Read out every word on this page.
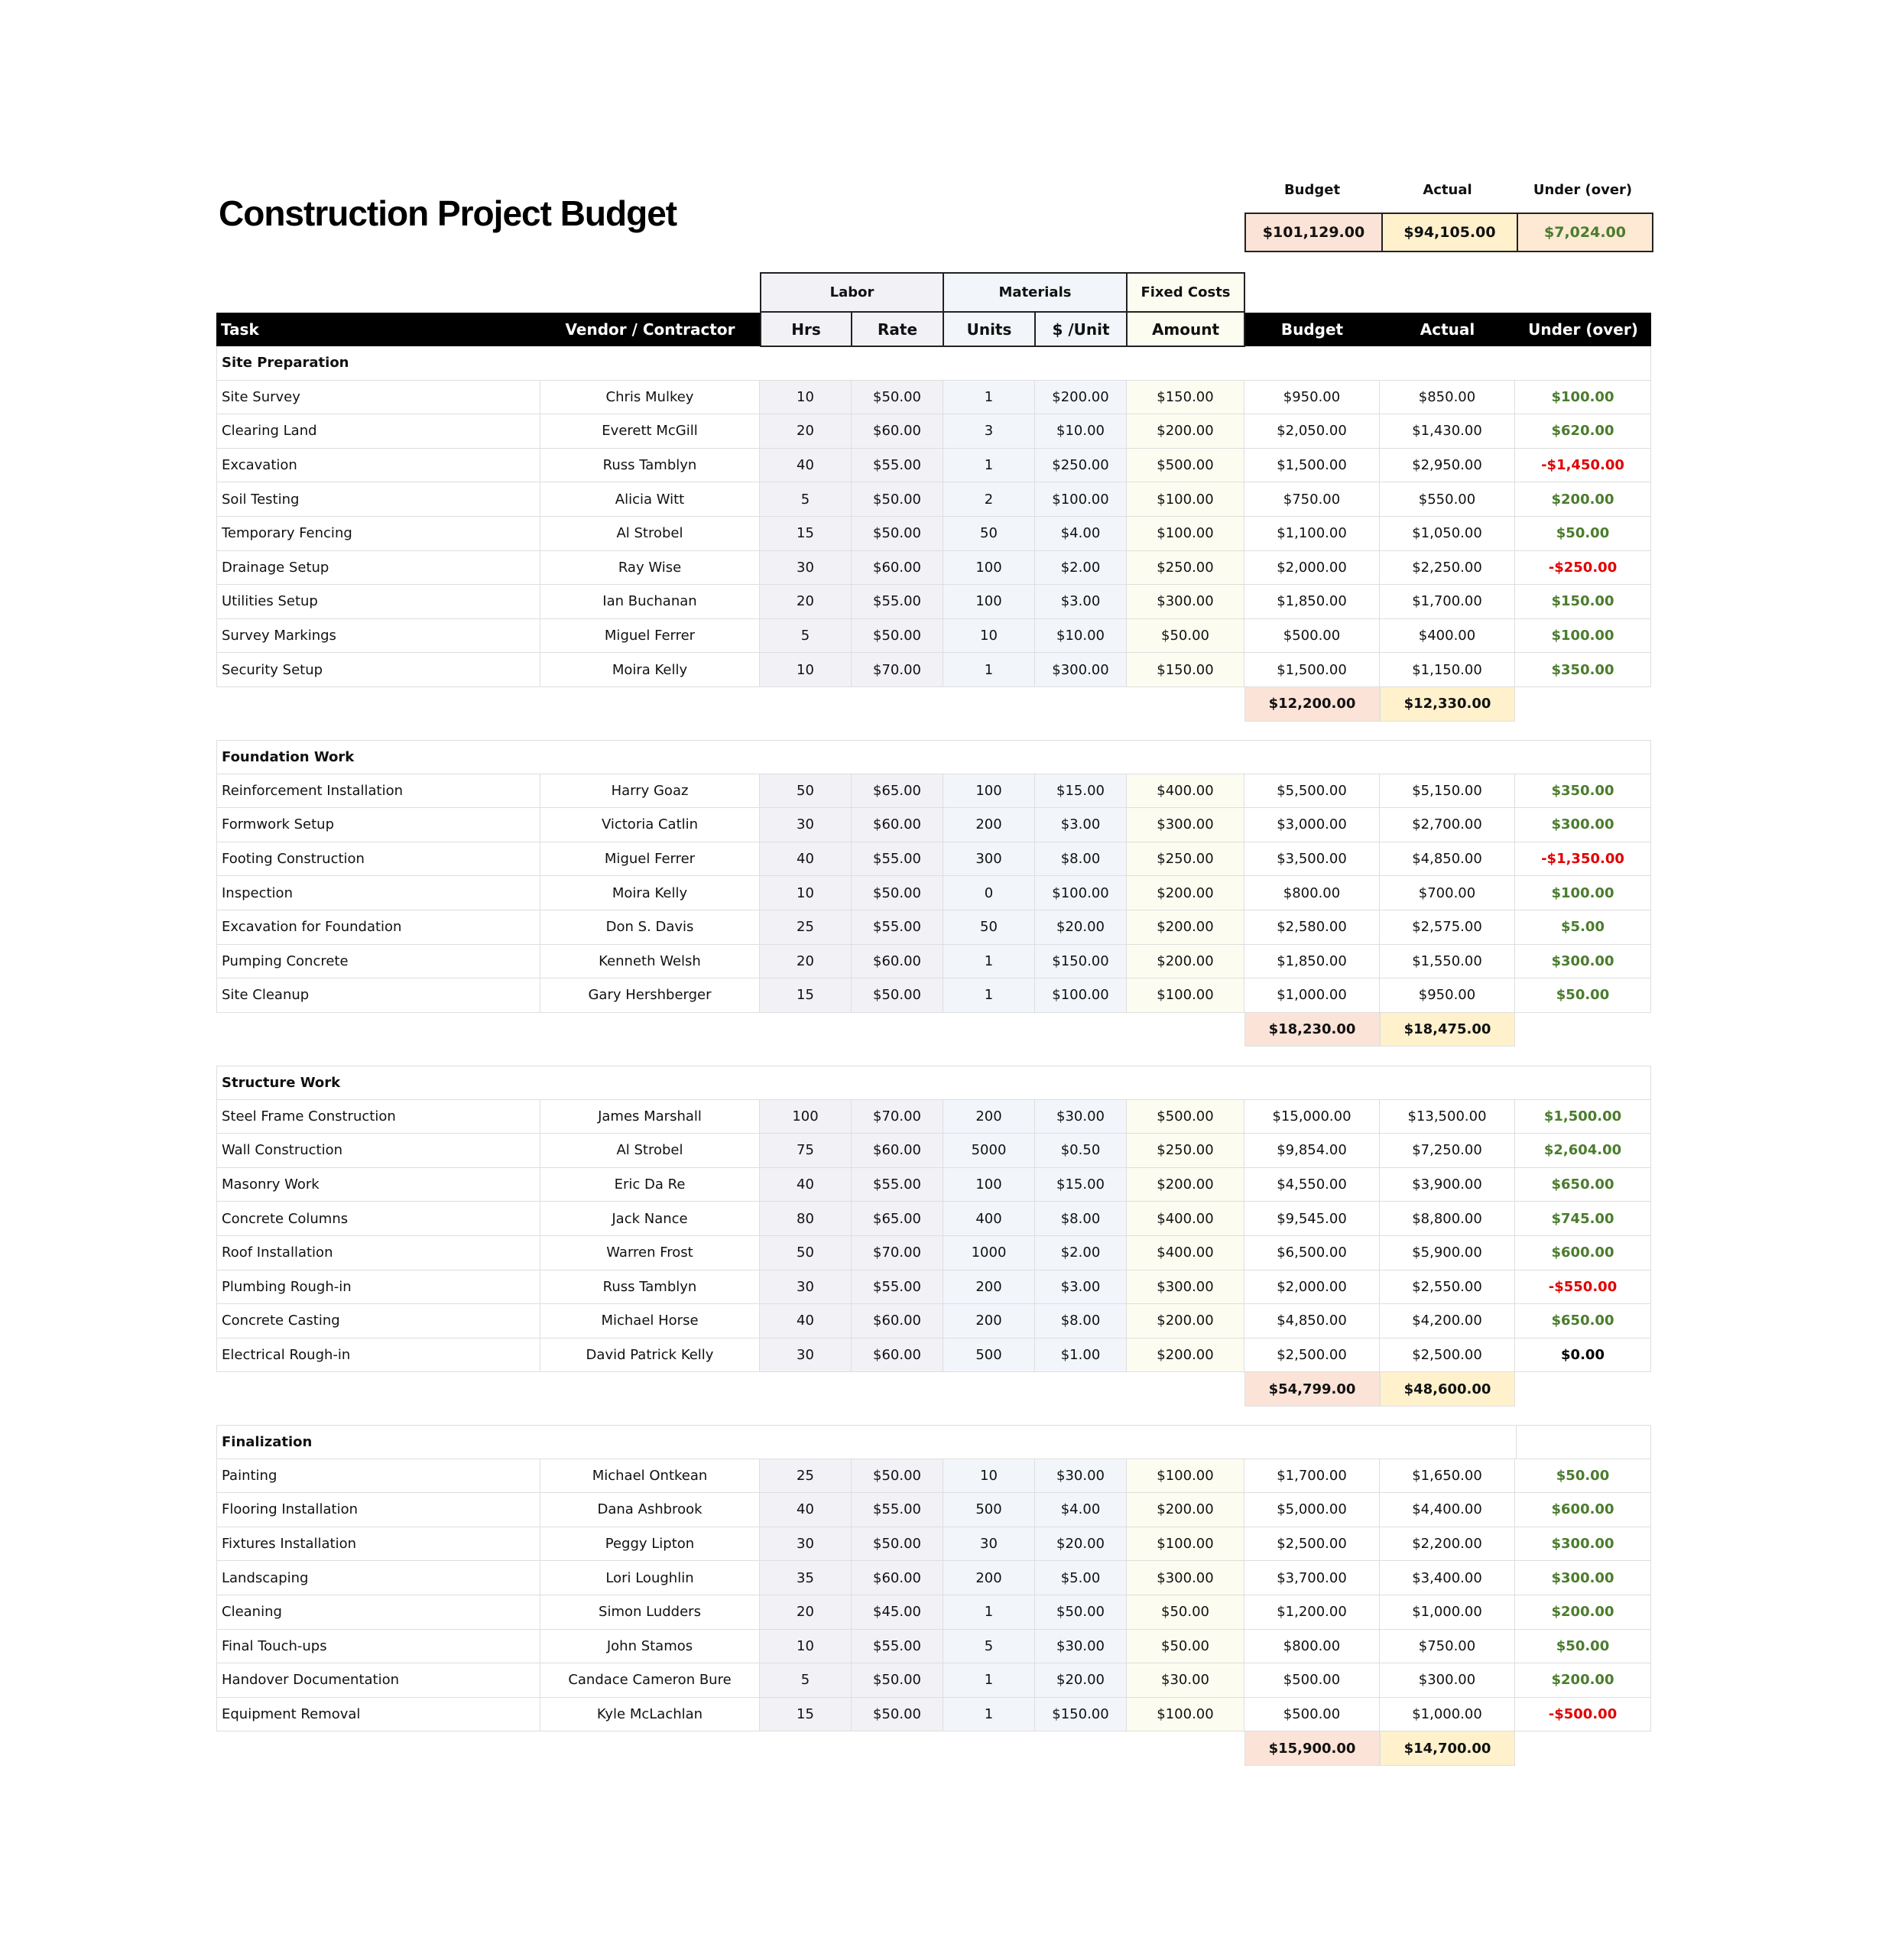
Construction Project Budget
Budget	Actual	Under (over)
$101,129.00	$94,105.00	$7,024.00
Labor	Materials	Fixed Costs
Task	Vendor / Contractor	Hrs	Rate	Units	$ /Unit	Amount	Budget	Actual	Under (over)
Site Preparation
Site Survey	Chris Mulkey	10	$50.00	1	$200.00	$150.00	$950.00	$850.00	$100.00
Clearing Land	Everett McGill	20	$60.00	3	$10.00	$200.00	$2,050.00	$1,430.00	$620.00
Excavation	Russ Tamblyn	40	$55.00	1	$250.00	$500.00	$1,500.00	$2,950.00	-$1,450.00
Soil Testing	Alicia Witt	5	$50.00	2	$100.00	$100.00	$750.00	$550.00	$200.00
Temporary Fencing	Al Strobel	15	$50.00	50	$4.00	$100.00	$1,100.00	$1,050.00	$50.00
Drainage Setup	Ray Wise	30	$60.00	100	$2.00	$250.00	$2,000.00	$2,250.00	-$250.00
Utilities Setup	Ian Buchanan	20	$55.00	100	$3.00	$300.00	$1,850.00	$1,700.00	$150.00
Survey Markings	Miguel Ferrer	5	$50.00	10	$10.00	$50.00	$500.00	$400.00	$100.00
Security Setup	Moira Kelly	10	$70.00	1	$300.00	$150.00	$1,500.00	$1,150.00	$350.00
$12,200.00	$12,330.00
Foundation Work
Reinforcement Installation	Harry Goaz	50	$65.00	100	$15.00	$400.00	$5,500.00	$5,150.00	$350.00
Formwork Setup	Victoria Catlin	30	$60.00	200	$3.00	$300.00	$3,000.00	$2,700.00	$300.00
Footing Construction	Miguel Ferrer	40	$55.00	300	$8.00	$250.00	$3,500.00	$4,850.00	-$1,350.00
Inspection	Moira Kelly	10	$50.00	0	$100.00	$200.00	$800.00	$700.00	$100.00
Excavation for Foundation	Don S. Davis	25	$55.00	50	$20.00	$200.00	$2,580.00	$2,575.00	$5.00
Pumping Concrete	Kenneth Welsh	20	$60.00	1	$150.00	$200.00	$1,850.00	$1,550.00	$300.00
Site Cleanup	Gary Hershberger	15	$50.00	1	$100.00	$100.00	$1,000.00	$950.00	$50.00
$18,230.00	$18,475.00
Structure Work
Steel Frame Construction	James Marshall	100	$70.00	200	$30.00	$500.00	$15,000.00	$13,500.00	$1,500.00
Wall Construction	Al Strobel	75	$60.00	5000	$0.50	$250.00	$9,854.00	$7,250.00	$2,604.00
Masonry Work	Eric Da Re	40	$55.00	100	$15.00	$200.00	$4,550.00	$3,900.00	$650.00
Concrete Columns	Jack Nance	80	$65.00	400	$8.00	$400.00	$9,545.00	$8,800.00	$745.00
Roof Installation	Warren Frost	50	$70.00	1000	$2.00	$400.00	$6,500.00	$5,900.00	$600.00
Plumbing Rough-in	Russ Tamblyn	30	$55.00	200	$3.00	$300.00	$2,000.00	$2,550.00	-$550.00
Concrete Casting	Michael Horse	40	$60.00	200	$8.00	$200.00	$4,850.00	$4,200.00	$650.00
Electrical Rough-in	David Patrick Kelly	30	$60.00	500	$1.00	$200.00	$2,500.00	$2,500.00	$0.00
$54,799.00	$48,600.00
Finalization
Painting	Michael Ontkean	25	$50.00	10	$30.00	$100.00	$1,700.00	$1,650.00	$50.00
Flooring Installation	Dana Ashbrook	40	$55.00	500	$4.00	$200.00	$5,000.00	$4,400.00	$600.00
Fixtures Installation	Peggy Lipton	30	$50.00	30	$20.00	$100.00	$2,500.00	$2,200.00	$300.00
Landscaping	Lori Loughlin	35	$60.00	200	$5.00	$300.00	$3,700.00	$3,400.00	$300.00
Cleaning	Simon Ludders	20	$45.00	1	$50.00	$50.00	$1,200.00	$1,000.00	$200.00
Final Touch-ups	John Stamos	10	$55.00	5	$30.00	$50.00	$800.00	$750.00	$50.00
Handover Documentation	Candace Cameron Bure	5	$50.00	1	$20.00	$30.00	$500.00	$300.00	$200.00
Equipment Removal	Kyle McLachlan	15	$50.00	1	$150.00	$100.00	$500.00	$1,000.00	-$500.00
$15,900.00	$14,700.00
